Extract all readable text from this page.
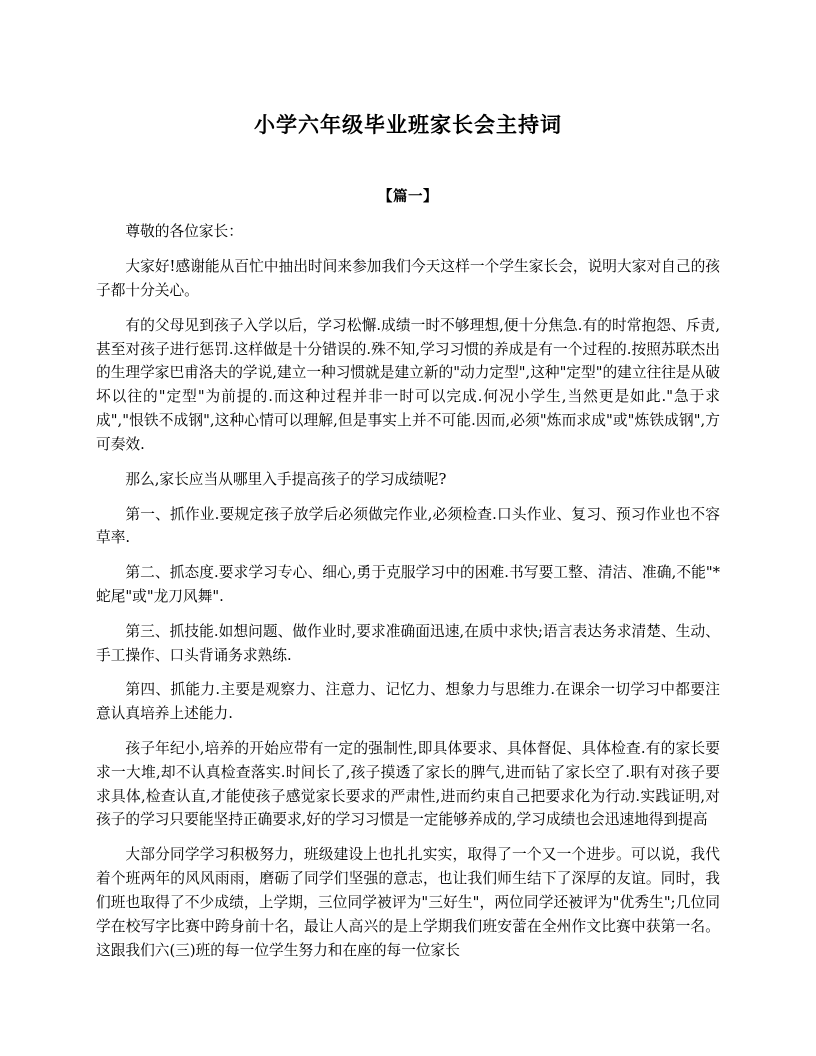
小学六年级毕业班家长会主持词
【篇一】

尊敬的各位家长：

大家好!感谢能从百忙中抽出时间来参加我们今天这样一个学生家长会，说明大家对自己的孩子都十分关心。

有的父母见到孩子入学以后，学习松懈.成绩一时不够理想,便十分焦急.有的时常抱怨、斥责,甚至对孩子进行惩罚.这样做是十分错误的.殊不知,学习习惯的养成是有一个过程的.按照苏联杰出的生理学家巴甫洛夫的学说,建立一种习惯就是建立新的"动力定型",这种"定型"的建立往往是从破坏以往的"定型"为前提的.而这种过程并非一时可以完成.何况小学生,当然更是如此."急于求成","恨铁不成钢",这种心情可以理解,但是事实上并不可能.因而,必须"炼而求成"或"炼铁成钢",方可奏效.

那么,家长应当从哪里入手提高孩子的学习成绩呢?

第一、抓作业.要规定孩子放学后必须做完作业,必须检查.口头作业、复习、预习作业也不容草率.

第二、抓态度.要求学习专心、细心,勇于克服学习中的困难.书写要工整、清洁、准确,不能"*蛇尾"或"龙刀风舞".

第三、抓技能.如想问题、做作业时,要求准确面迅速,在质中求快;语言表达务求清楚、生动、手工操作、口头背诵务求熟练.

第四、抓能力.主要是观察力、注意力、记忆力、想象力与思维力.在课余一切学习中都要注意认真培养上述能力.

孩子年纪小,培养的开始应带有一定的强制性,即具体要求、具体督促、具体检查.有的家长要求一大堆,却不认真检查落实.时间长了,孩子摸透了家长的脾气,进而钻了家长空了.职有对孩子要求具体,检查认直,才能使孩子感觉家长要求的严肃性,进而约束自己把要求化为行动.实践证明,对孩子的学习只要能坚持正确要求,好的学习习惯是一定能够养成的,学习成绩也会迅速地得到提高

大部分同学学习积极努力，班级建设上也扎扎实实，取得了一个又一个进步。可以说，我代着个班两年的风风雨雨，磨砺了同学们坚强的意志，也让我们师生结下了深厚的友谊。同时，我们班也取得了不少成绩，上学期，三位同学被评为"三好生"，两位同学还被评为"优秀生";几位同学在校写字比赛中跨身前十名，最让人高兴的是上学期我们班安蕾在全州作文比赛中获第一名。这跟我们六(三)班的每一位学生努力和在座的每一位家长
